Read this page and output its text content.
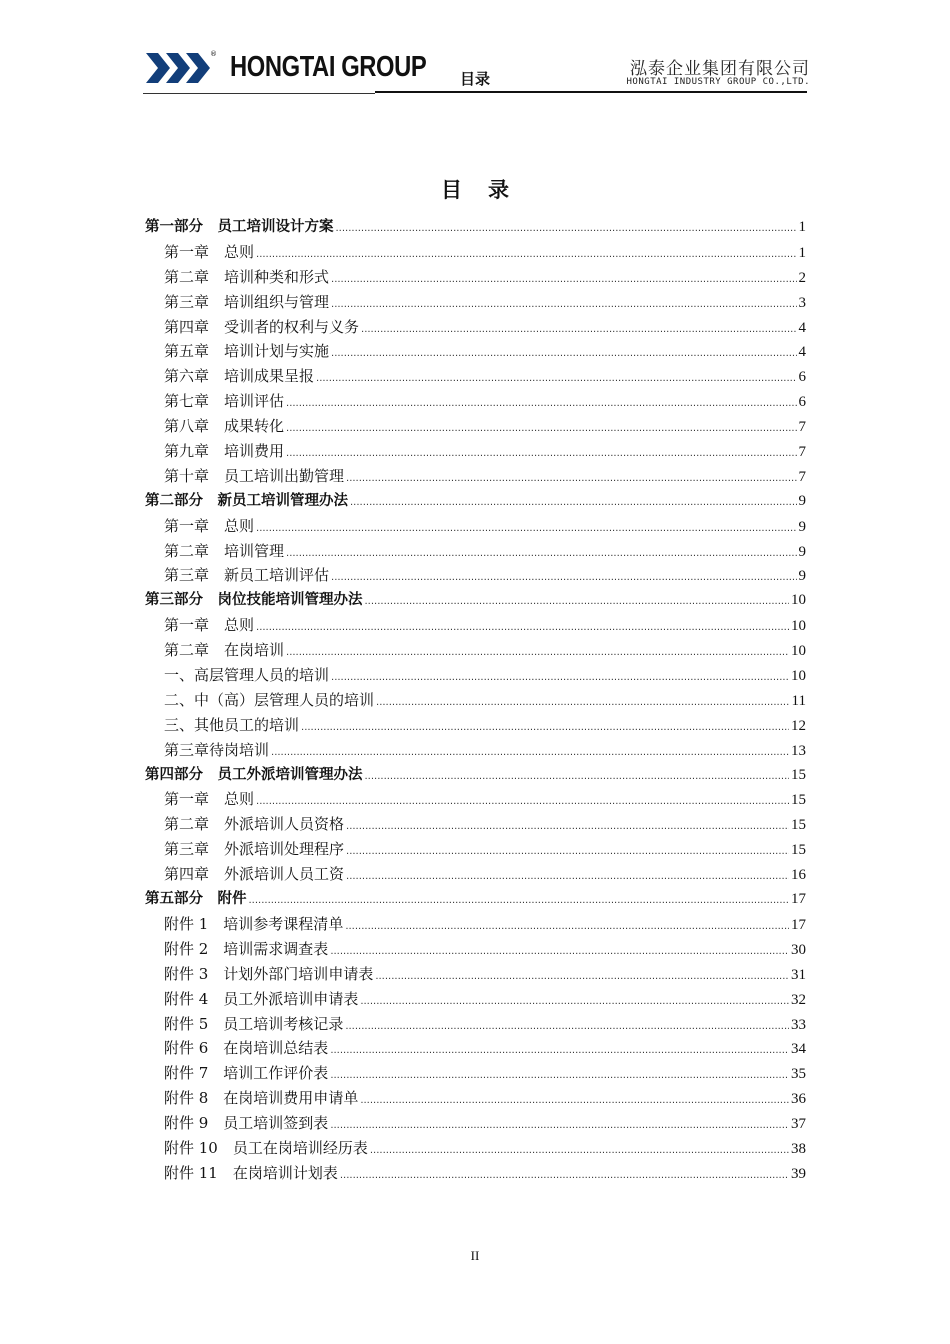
® HONGTAI GROUP 目录	泓泰企业集团有限公司
HONGTAI INDUSTRY GROUP CO.,LTD.
目录
第一部分　员工培训设计方案 .....	1
第一章　总则 .....	1
第二章　培训种类和形式 .....	2
第三章　培训组织与管理 .....	3
第四章　受训者的权利与义务 .....	4
第五章　培训计划与实施 .....	4
第六章　培训成果呈报 .....	6
第七章　培训评估 .....	6
第八章　成果转化 .....	7
第九章　培训费用 .....	7
第十章　员工培训出勤管理 .....	7
第二部分　新员工培训管理办法 .....	9
第一章　总则 .....	9
第二章　培训管理 .....	9
第三章　新员工培训评估 .....	9
第三部分　岗位技能培训管理办法 .....	10
第一章　总则 .....	10
第二章　在岗培训 .....	10
一、高层管理人员的培训 .....	10
二、中（高）层管理人员的培训 .....	11
三、其他员工的培训 .....	12
第三章待岗培训 .....	13
第四部分　员工外派培训管理办法 .....	15
第一章　总则 .....	15
第二章　外派培训人员资格 .....	15
第三章　外派培训处理程序 .....	15
第四章　外派培训人员工资 .....	16
第五部分　附件 .....	17
附件 1　培训参考课程清单 .....	17
附件 2　培训需求调查表 .....	30
附件 3　计划外部门培训申请表 .....	31
附件 4　员工外派培训申请表 .....	32
附件 5　员工培训考核记录 .....	33
附件 6　在岗培训总结表 .....	34
附件 7　培训工作评价表 .....	35
附件 8　在岗培训费用申请单 .....	36
附件 9　员工培训签到表 .....	37
附件 10　员工在岗培训经历表 .....	38
附件 11　在岗培训计划表 .....	39
II
